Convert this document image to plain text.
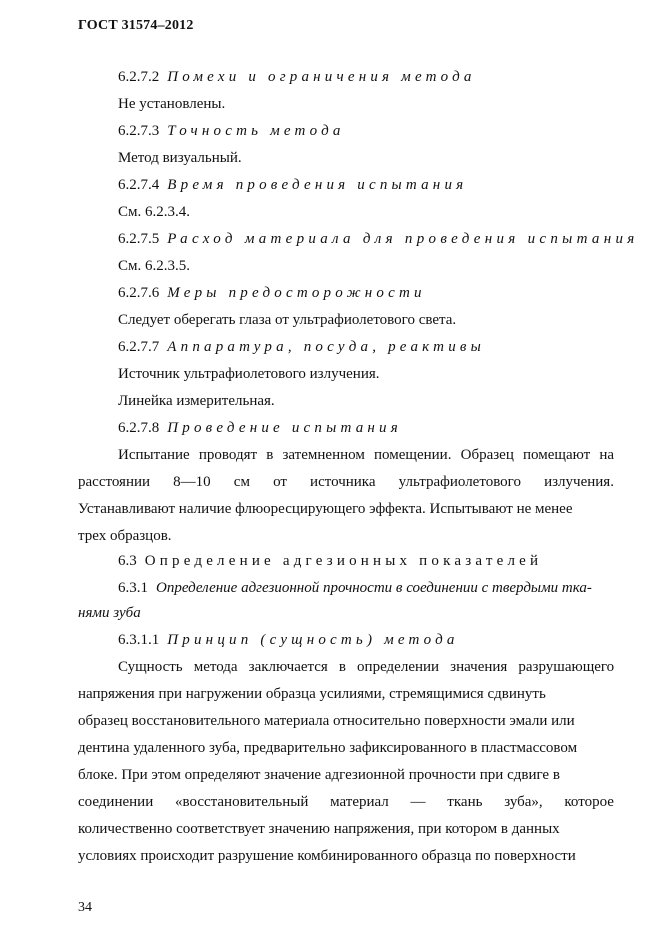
ГОСТ 31574–2012
6.2.7.2 Помехи и ограничения метода
Не установлены.
6.2.7.3 Точность метода
Метод визуальный.
6.2.7.4 Время проведения испытания
См. 6.2.3.4.
6.2.7.5 Расход материала для проведения испытания
См. 6.2.3.5.
6.2.7.6 Меры предосторожности
Следует оберегать глаза от ультрафиолетового света.
6.2.7.7 Аппаратура, посуда, реактивы
Источник ультрафиолетового излучения.
Линейка измерительная.
6.2.7.8 Проведение испытания
Испытание проводят в затемненном помещении. Образец помещают на
расстоянии 8—10 см от источника ультрафиолетового излучения.
Устанавливают наличие флюоресцирующего эффекта. Испытывают не менее
трех образцов.
6.3 Определение адгезионных показателей
6.3.1 Определение адгезионной прочности в соединении с твердыми тка-
нями зуба
6.3.1.1 Принцип (сущность) метода
Сущность метода заключается в определении значения разрушающего
напряжения при нагружении образца усилиями, стремящимися сдвинуть
образец восстановительного материала относительно поверхности эмали или
дентина удаленного зуба, предварительно зафиксированного в пластмассовом
блоке. При этом определяют значение адгезионной прочности при сдвиге в
соединении «восстановительный материал — ткань зуба», которое
количественно соответствует значению напряжения, при котором в данных
условиях происходит разрушение комбинированного образца по поверхности
34
